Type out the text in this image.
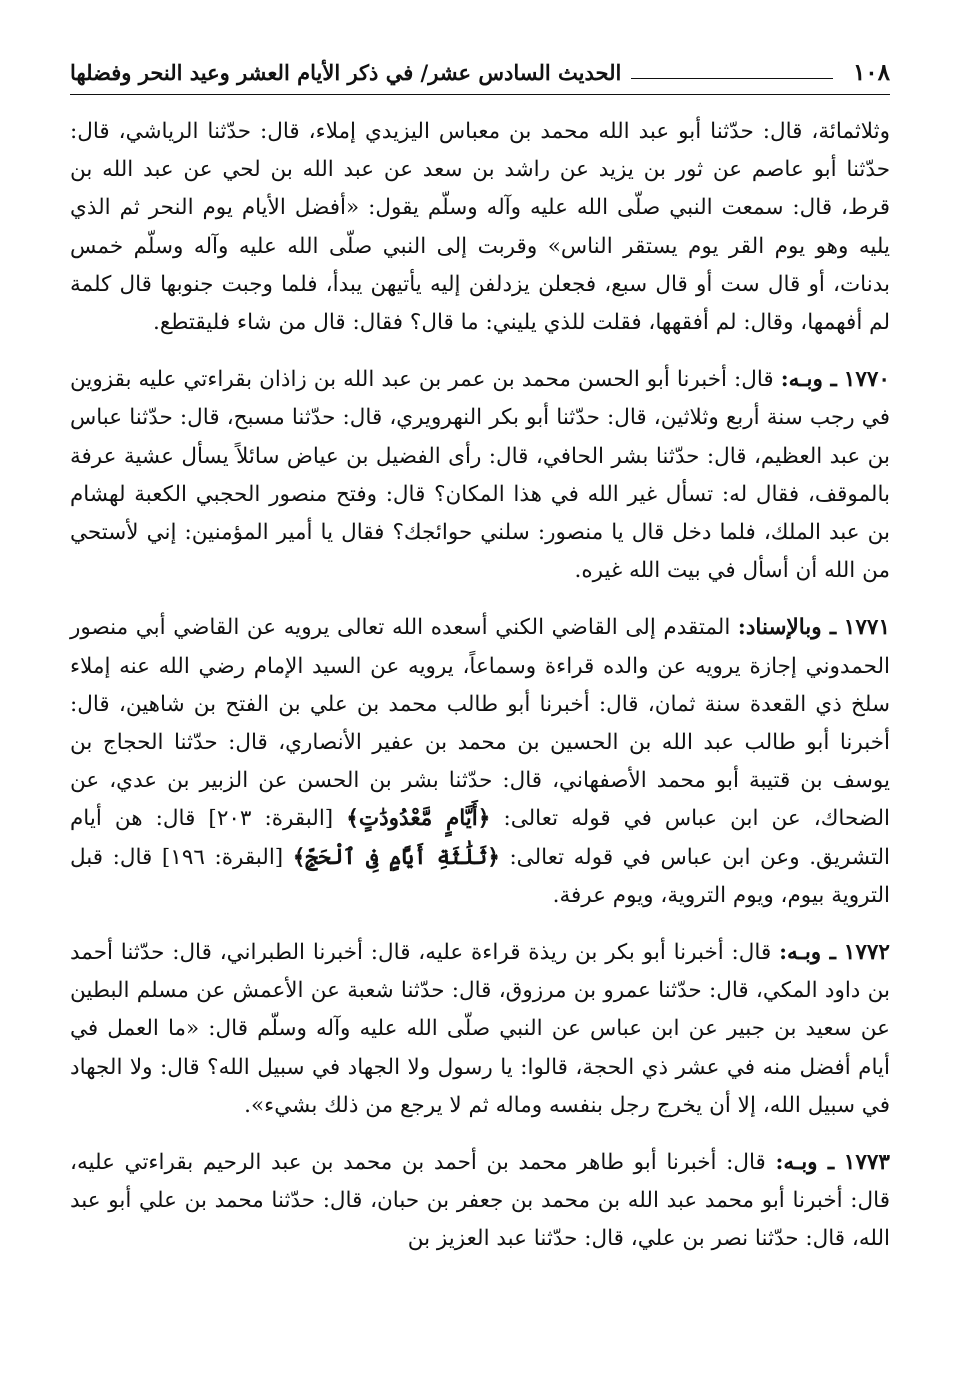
١٠٨
الحديث السادس عشر/ في ذكر الأيام العشر وعيد النحر وفضلها

وثلاثمائة، قال: حدّثنا أبو عبد الله محمد بن معباس اليزيدي إملاء، قال: حدّثنا الرياشي، قال: حدّثنا أبو عاصم عن ثور بن يزيد عن راشد بن سعد عن عبد الله بن لحي عن عبد الله بن قرط، قال: سمعت النبي صلّى الله عليه وآله وسلّم يقول: «أفضل الأيام يوم النحر ثم الذي يليه وهو يوم القر يوم يستقر الناس» وقربت إلى النبي صلّى الله عليه وآله وسلّم خمس بدنات، أو قال ست أو قال سبع، فجعلن يزدلفن إليه يأتيهن يبدأ، فلما وجبت جنوبها قال كلمة لم أفهمها، وقال: لم أفقهها، فقلت للذي يليني: ما قال؟ فقال: قال من شاء فليقتطع.

١٧٧٠ ـ وبـه: قال: أخبرنا أبو الحسن محمد بن عمر بن عبد الله بن زاذان بقراءتي عليه بقزوين في رجب سنة أربع وثلاثين، قال: حدّثنا أبو بكر النهرويري، قال: حدّثنا مسبح، قال: حدّثنا عباس بن عبد العظيم، قال: حدّثنا بشر الحافي، قال: رأى الفضيل بن عياض سائلاً يسأل عشية عرفة بالموقف، فقال له: تسأل غير الله في هذا المكان؟ قال: وفتح منصور الحجبي الكعبة لهشام بن عبد الملك، فلما دخل قال يا منصور: سلني حوائجك؟ فقال يا أمير المؤمنين: إني لأستحي من الله أن أسأل في بيت الله غيره.

١٧٧١ ـ وبالإسناد: المتقدم إلى القاضي الكني أسعده الله تعالى يرويه عن القاضي أبي منصور الحمدوني إجازة يرويه عن والده قراءة وسماعاً، يرويه عن السيد الإمام رضي الله عنه إملاء سلخ ذي القعدة سنة ثمان، قال: أخبرنا أبو طالب محمد بن علي بن الفتح بن شاهين، قال: أخبرنا أبو طالب عبد الله بن الحسين بن محمد بن عفير الأنصاري، قال: حدّثنا الحجاج بن يوسف بن قتيبة أبو محمد الأصفهاني، قال: حدّثنا بشر بن الحسن عن الزبير بن عدي، عن الضحاك، عن ابن عباس في قوله تعالى: ﴿أَيَّامٍ مَّعْدُودَٰتٍ﴾ [البقرة: ٢٠٣] قال: هن أيام التشريق. وعن ابن عباس في قوله تعالى: ﴿ثَلَٰثَةِ أَيَّامٍ فِى ٱلْحَجِّ﴾ [البقرة: ١٩٦] قال: قبل التروية بيوم، ويوم التروية، ويوم عرفة.

١٧٧٢ ـ وبـه: قال: أخبرنا أبو بكر بن ريذة قراءة عليه، قال: أخبرنا الطبراني، قال: حدّثنا أحمد بن داود المكي، قال: حدّثنا عمرو بن مرزوق، قال: حدّثنا شعبة عن الأعمش عن مسلم البطين عن سعيد بن جبير عن ابن عباس عن النبي صلّى الله عليه وآله وسلّم قال: «ما العمل في أيام أفضل منه في عشر ذي الحجة، قالوا: يا رسول ولا الجهاد في سبيل الله؟ قال: ولا الجهاد في سبيل الله، إلا أن يخرج رجل بنفسه وماله ثم لا يرجع من ذلك بشيء».

١٧٧٣ ـ وبـه: قال: أخبرنا أبو طاهر محمد بن أحمد بن محمد بن عبد الرحيم بقراءتي عليه، قال: أخبرنا أبو محمد عبد الله بن محمد بن جعفر بن حبان، قال: حدّثنا محمد بن علي أبو عبد الله، قال: حدّثنا نصر بن علي، قال: حدّثنا عبد العزيز بن
